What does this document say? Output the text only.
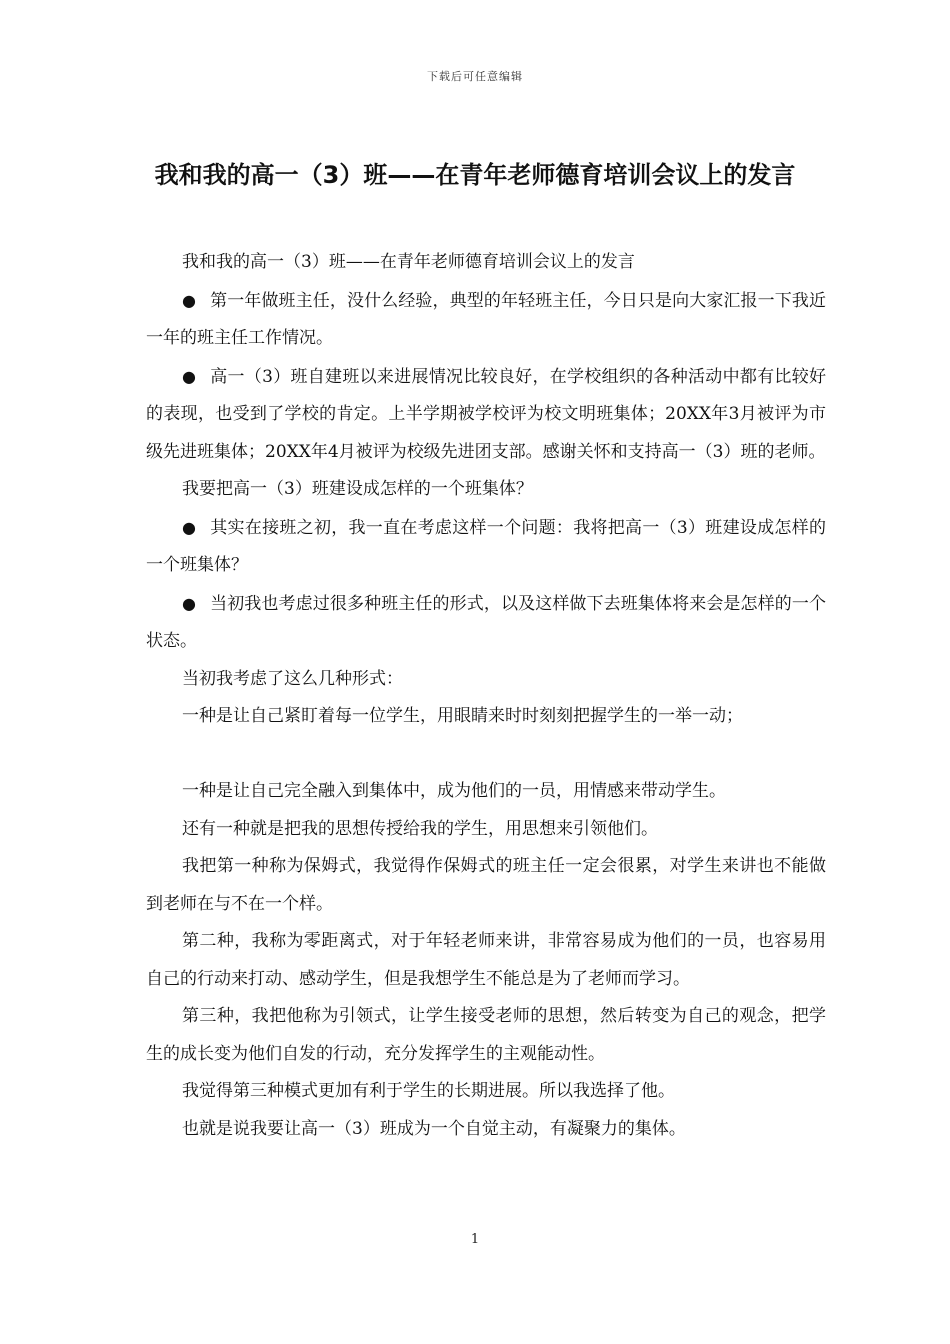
下载后可任意编辑
我和我的高一（3）班——在青年老师德育培训会议上的发言

我和我的高一（3）班——在青年老师德育培训会议上的发言

● 第一年做班主任，没什么经验，典型的年轻班主任，今日只是向大家汇报一下我近一年的班主任工作情况。

● 高一（3）班自建班以来进展情况比较良好，在学校组织的各种活动中都有比较好的表现，也受到了学校的肯定。上半学期被学校评为校文明班集体；20XX年3月被评为市级先进班集体；20XX年4月被评为校级先进团支部。感谢关怀和支持高一（3）班的老师。

我要把高一（3）班建设成怎样的一个班集体？

● 其实在接班之初，我一直在考虑这样一个问题：我将把高一（3）班建设成怎样的一个班集体？

● 当初我也考虑过很多种班主任的形式，以及这样做下去班集体将来会是怎样的一个状态。

当初我考虑了这么几种形式：

一种是让自己紧盯着每一位学生，用眼睛来时时刻刻把握学生的一举一动；

一种是让自己完全融入到集体中，成为他们的一员，用情感来带动学生。

还有一种就是把我的思想传授给我的学生，用思想来引领他们。

我把第一种称为保姆式，我觉得作保姆式的班主任一定会很累，对学生来讲也不能做到老师在与不在一个样。

第二种，我称为零距离式，对于年轻老师来讲，非常容易成为他们的一员，也容易用自己的行动来打动、感动学生，但是我想学生不能总是为了老师而学习。

第三种，我把他称为引领式，让学生接受老师的思想，然后转变为自己的观念，把学生的成长变为他们自发的行动，充分发挥学生的主观能动性。

我觉得第三种模式更加有利于学生的长期进展。所以我选择了他。

也就是说我要让高一（3）班成为一个自觉主动，有凝聚力的集体。

1
